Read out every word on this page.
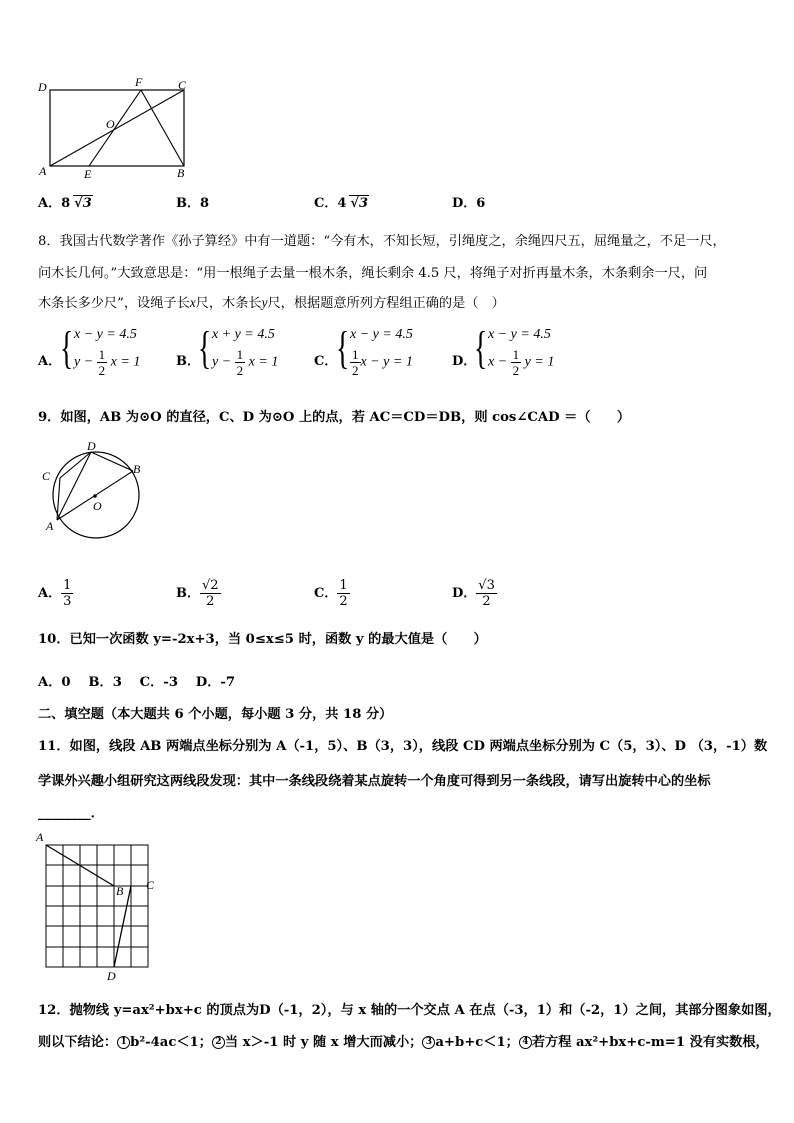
D	F	C
O
A	E	B
A．8 √3	B．8	C．4 √3	D．6
8．我国古代数学著作《孙子算经》中有一道题：“今有木，不知长短，引绳度之，余绳四尺五，屈绳量之，不足一尺，
问木长几何。”大致意思是：“用一根绳子去量一根木条，绳长剩余 4.5 尺，将绳子对折再量木条，木条剩余一尺，问
木条长多少尺”，设绳子长x尺，木条长y尺，根据题意所列方程组正确的是（　）
A．
{ x − y = 4.5
$y - \frac{1}{2}$ x = 1	B．
{ x + y = 4.5
$y - \frac{1}{2}$ x = 1	C．
{ x − y = 4.5
$\frac{1}{2}$ x − y = 1	D．
{ x − y = 4.5
$x - \frac{1}{2}$ y = 1
9．如图，AB 为⊙O 的直径，C、D 为⊙O 上的点，若 AC＝CD＝DB，则 cos∠CAD ＝（　　）
D
C	B
O
A
A． $\frac{1}{3}$	B． $\frac{√2}{2}$	C． $\frac{1}{2}$	D． $\frac{√3}{2}$
10．已知一次函数 y=-2x+3，当 0≤x≤5 时，函数 y 的最大值是（　　）
A．0　 B．3　 C．-3　 D．-7
二、填空题（本大题共 6 个小题，每小题 3 分，共 18 分）
11．如图，线段 AB 两端点坐标分别为 A（-1，5）、B（3，3），线段 CD 两端点坐标分别为 C（5，3）、D （3，-1）数
学课外兴趣小组研究这两线段发现：其中一条线段绕着某点旋转一个角度可得到另一条线段，请写出旋转中心的坐标
________．
A
B C
D
12．抛物线 y=ax²+bx+c 的顶点为D（-1，2），与 x 轴的一个交点 A 在点（-3，1）和（-2，1）之间，其部分图象如图，
则以下结论： 1 b²-4ac＜1； 2 当 x＞-1 时 y 随 x 增大而减小； 3 a+b+c＜1； 4 若方程 ax²+bx+c-m=1 没有实数根，
